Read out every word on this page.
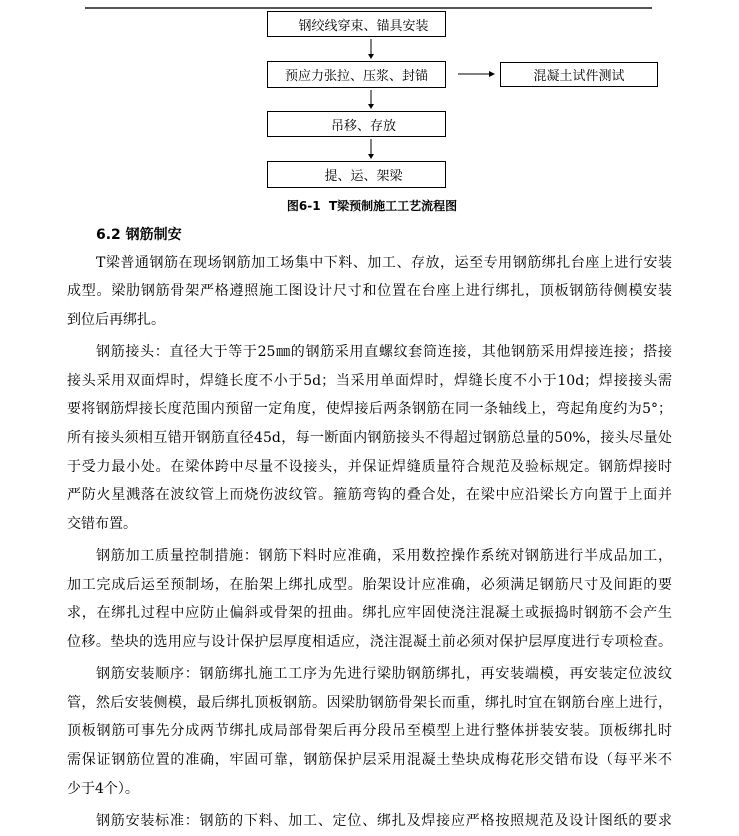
钢绞线穿束、锚具安装
预应力张拉、压浆、封锚	混凝土试件测试
吊移、存放
提、运、架梁
图6-1  T梁预制施工工艺流程图
6.2 钢筋制安
T梁普通钢筋在现场钢筋加工场集中下料、加工、存放，运至专用钢筋绑扎台座上进行安装
成型。梁肋钢筋骨架严格遵照施工图设计尺寸和位置在台座上进行绑扎，顶板钢筋待侧模安装
到位后再绑扎。
钢筋接头：直径大于等于25㎜的钢筋采用直螺纹套筒连接，其他钢筋采用焊接连接；搭接
接头采用双面焊时，焊缝长度不小于5d；当采用单面焊时，焊缝长度不小于10d；焊接接头需
要将钢筋焊接长度范围内预留一定角度，使焊接后两条钢筋在同一条轴线上，弯起角度约为5°；
所有接头须相互错开钢筋直径45d，每一断面内钢筋接头不得超过钢筋总量的50%，接头尽量处
于受力最小处。在梁体跨中尽量不设接头，并保证焊缝质量符合规范及验标规定。钢筋焊接时
严防火星溅落在波纹管上而烧伤波纹管。箍筋弯钩的叠合处，在梁中应沿梁长方向置于上面并
交错布置。
钢筋加工质量控制措施：钢筋下料时应准确，采用数控操作系统对钢筋进行半成品加工，
加工完成后运至预制场，在胎架上绑扎成型。胎架设计应准确，必须满足钢筋尺寸及间距的要
求，在绑扎过程中应防止偏斜或骨架的扭曲。绑扎应牢固使浇注混凝土或振捣时钢筋不会产生
位移。垫块的选用应与设计保护层厚度相适应，浇注混凝土前必须对保护层厚度进行专项检查。
钢筋安装顺序：钢筋绑扎施工工序为先进行梁肋钢筋绑扎，再安装端模，再安装定位波纹
管，然后安装侧模，最后绑扎顶板钢筋。因梁肋钢筋骨架长而重，绑扎时宜在钢筋台座上进行，
顶板钢筋可事先分成两节绑扎成局部骨架后再分段吊至模型上进行整体拼装安装。顶板绑扎时
需保证钢筋位置的准确，牢固可靠，钢筋保护层采用混凝土垫块成梅花形交错布设（每平米不
少于4个）。
钢筋安装标准：钢筋的下料、加工、定位、绑扎及焊接应严格按照规范及设计图纸的要求
